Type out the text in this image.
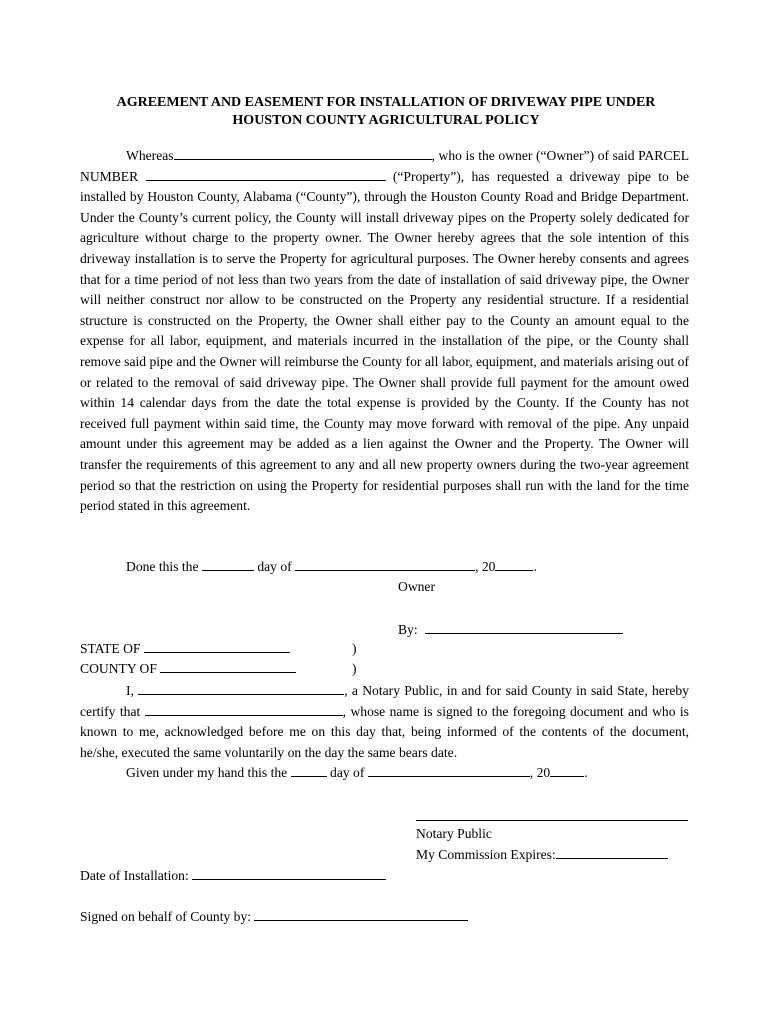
AGREEMENT AND EASEMENT FOR INSTALLATION OF DRIVEWAY PIPE UNDER
HOUSTON COUNTY AGRICULTURAL POLICY
Whereas	, who is the owner (“Owner”) of said PARCEL NUMBER	(“Property”), has requested a driveway pipe to be installed by Houston County, Alabama (“County”), through the Houston County Road and Bridge Department. Under the County’s current policy, the County will install driveway pipes on the Property solely dedicated for agriculture without charge to the property owner. The Owner hereby agrees that the sole intention of this driveway installation is to serve the Property for agricultural purposes. The Owner hereby consents and agrees that for a time period of not less than two years from the date of installation of said driveway pipe, the Owner will neither construct nor allow to be constructed on the Property any residential structure. If a residential structure is constructed on the Property, the Owner shall either pay to the County an amount equal to the expense for all labor, equipment, and materials incurred in the installation of the pipe, or the County shall remove said pipe and the Owner will reimburse the County for all labor, equipment, and materials arising out of or related to the removal of said driveway pipe. The Owner shall provide full payment for the amount owed within 14 calendar days from the date the total expense is provided by the County. If the County has not received full payment within said time, the County may move forward with removal of the pipe. Any unpaid amount under this agreement may be added as a lien against the Owner and the Property. The Owner will transfer the requirements of this agreement to any and all new property owners during the two-year agreement period so that the restriction on using the Property for residential purposes shall run with the land for the time period stated in this agreement.
Done this the	day of	, 20	.
Owner
By:
STATE OF	)
COUNTY OF	)
I,	, a Notary Public, in and for said County in said State, hereby certify that	, whose name is signed to the foregoing document and who is known to me, acknowledged before me on this day that, being informed of the contents of the document, he/she, executed the same voluntarily on the day the same bears date.
Given under my hand this the	day of	, 20	.
Notary Public
My Commission Expires:
Date of Installation:
Signed on behalf of County by:
